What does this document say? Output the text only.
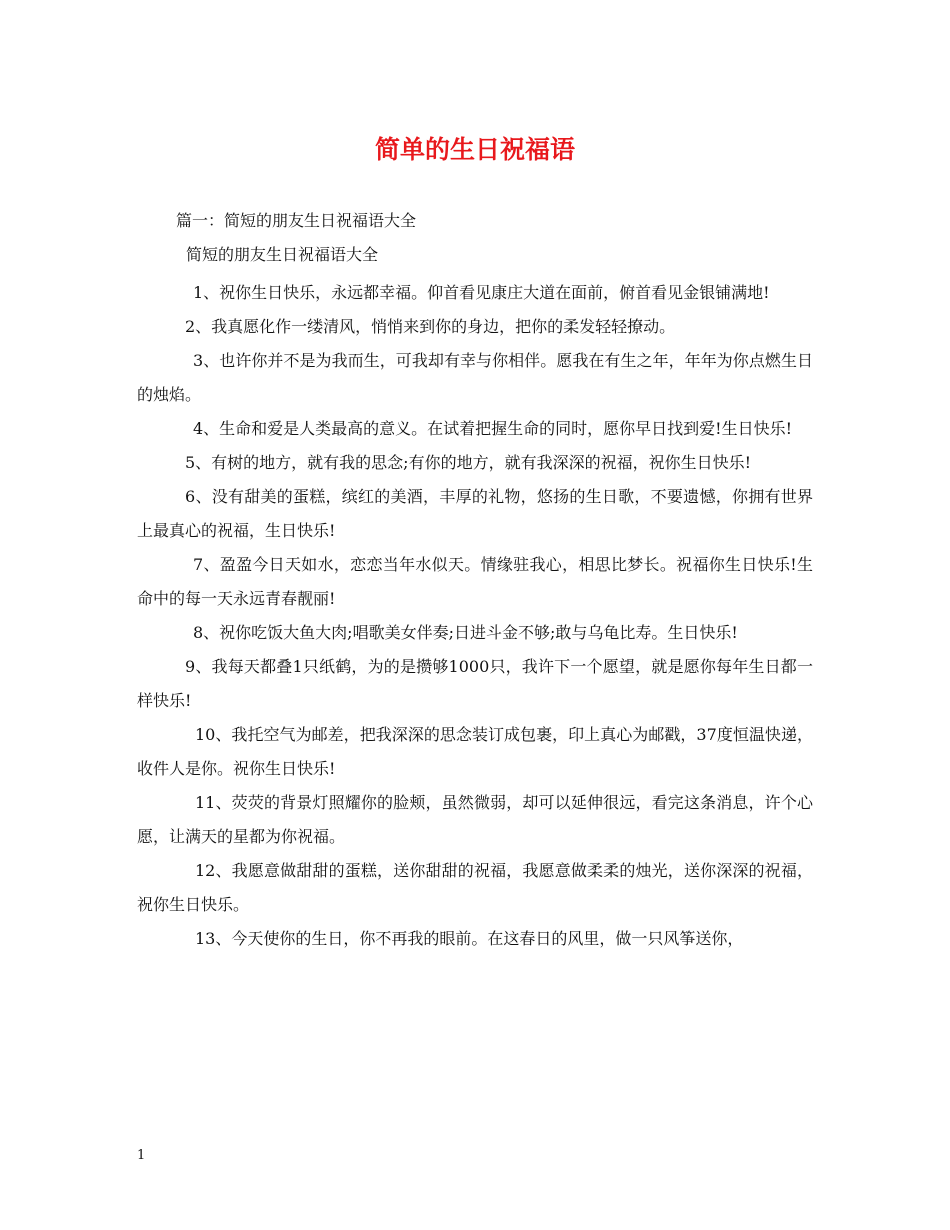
简单的生日祝福语
篇一：简短的朋友生日祝福语大全
简短的朋友生日祝福语大全

1、祝你生日快乐，永远都幸福。仰首看见康庄大道在面前，俯首看见金银铺满地!

2、我真愿化作一缕清风，悄悄来到你的身边，把你的柔发轻轻撩动。

3、也许你并不是为我而生，可我却有幸与你相伴。愿我在有生之年，年年为你点燃生日的烛焰。

4、生命和爱是人类最高的意义。在试着把握生命的同时，愿你早日找到爱!生日快乐!

5、有树的地方，就有我的思念;有你的地方，就有我深深的祝福，祝你生日快乐!

6、没有甜美的蛋糕，缤红的美酒，丰厚的礼物，悠扬的生日歌，不要遗憾，你拥有世界上最真心的祝福，生日快乐!

7、盈盈今日天如水，恋恋当年水似天。情缘驻我心，相思比梦长。祝福你生日快乐!生命中的每一天永远青春靓丽!

8、祝你吃饭大鱼大肉;唱歌美女伴奏;日进斗金不够;敢与乌龟比寿。生日快乐!

9、我每天都叠1只纸鹤，为的是攒够1000只，我许下一个愿望，就是愿你每年生日都一样快乐!

10、我托空气为邮差，把我深深的思念装订成包裹，印上真心为邮戳，37度恒温快递，收件人是你。祝你生日快乐!

11、荧荧的背景灯照耀你的脸颊，虽然微弱，却可以延伸很远，看完这条消息，许个心愿，让满天的星都为你祝福。

12、我愿意做甜甜的蛋糕，送你甜甜的祝福，我愿意做柔柔的烛光，送你深深的祝福，祝你生日快乐。

13、今天使你的生日，你不再我的眼前。在这春日的风里，做一只风筝送你，

1
